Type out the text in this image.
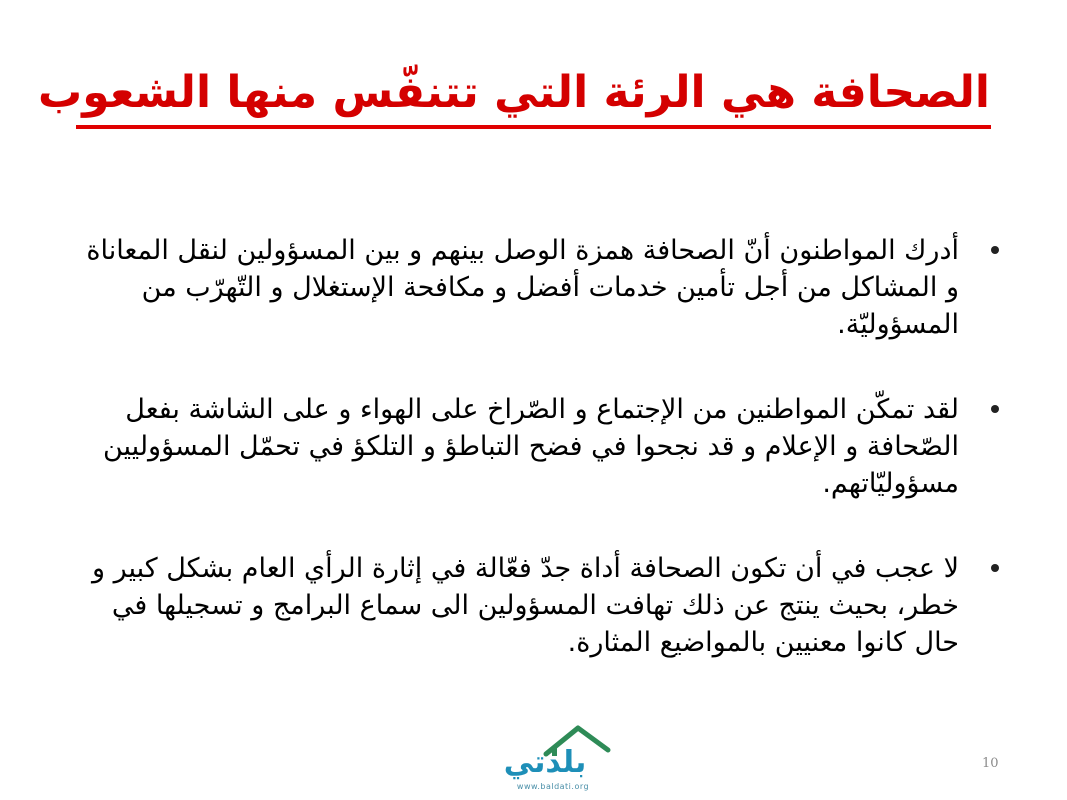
الصحافة هي الرئة التي تتنفّس منها الشعوب
أدرك المواطنون أنّ الصحافة همزة الوصل بينهم و بين المسؤولين لنقل المعاناة و المشاكل من أجل تأمين خدمات أفضل و مكافحة الإستغلال و التّهرّب من المسؤوليّة.
لقد تمكّن المواطنين من الإجتماع و الصّراخ على الهواء و على الشاشة بفعل الصّحافة و الإعلام و قد نجحوا في فضح التباطؤ و التلكؤ في تحمّل المسؤوليين مسؤوليّاتهم.
لا عجب في أن تكون الصحافة أداة جدّ فعّالة في إثارة الرأي العام بشكل كبير و خطر، بحيث ينتج عن ذلك تهافت المسؤولين الى سماع البرامج و تسجيلها في حال كانوا معنيين بالمواضيع المثارة.
بلدتي
www.baldati.org
10
